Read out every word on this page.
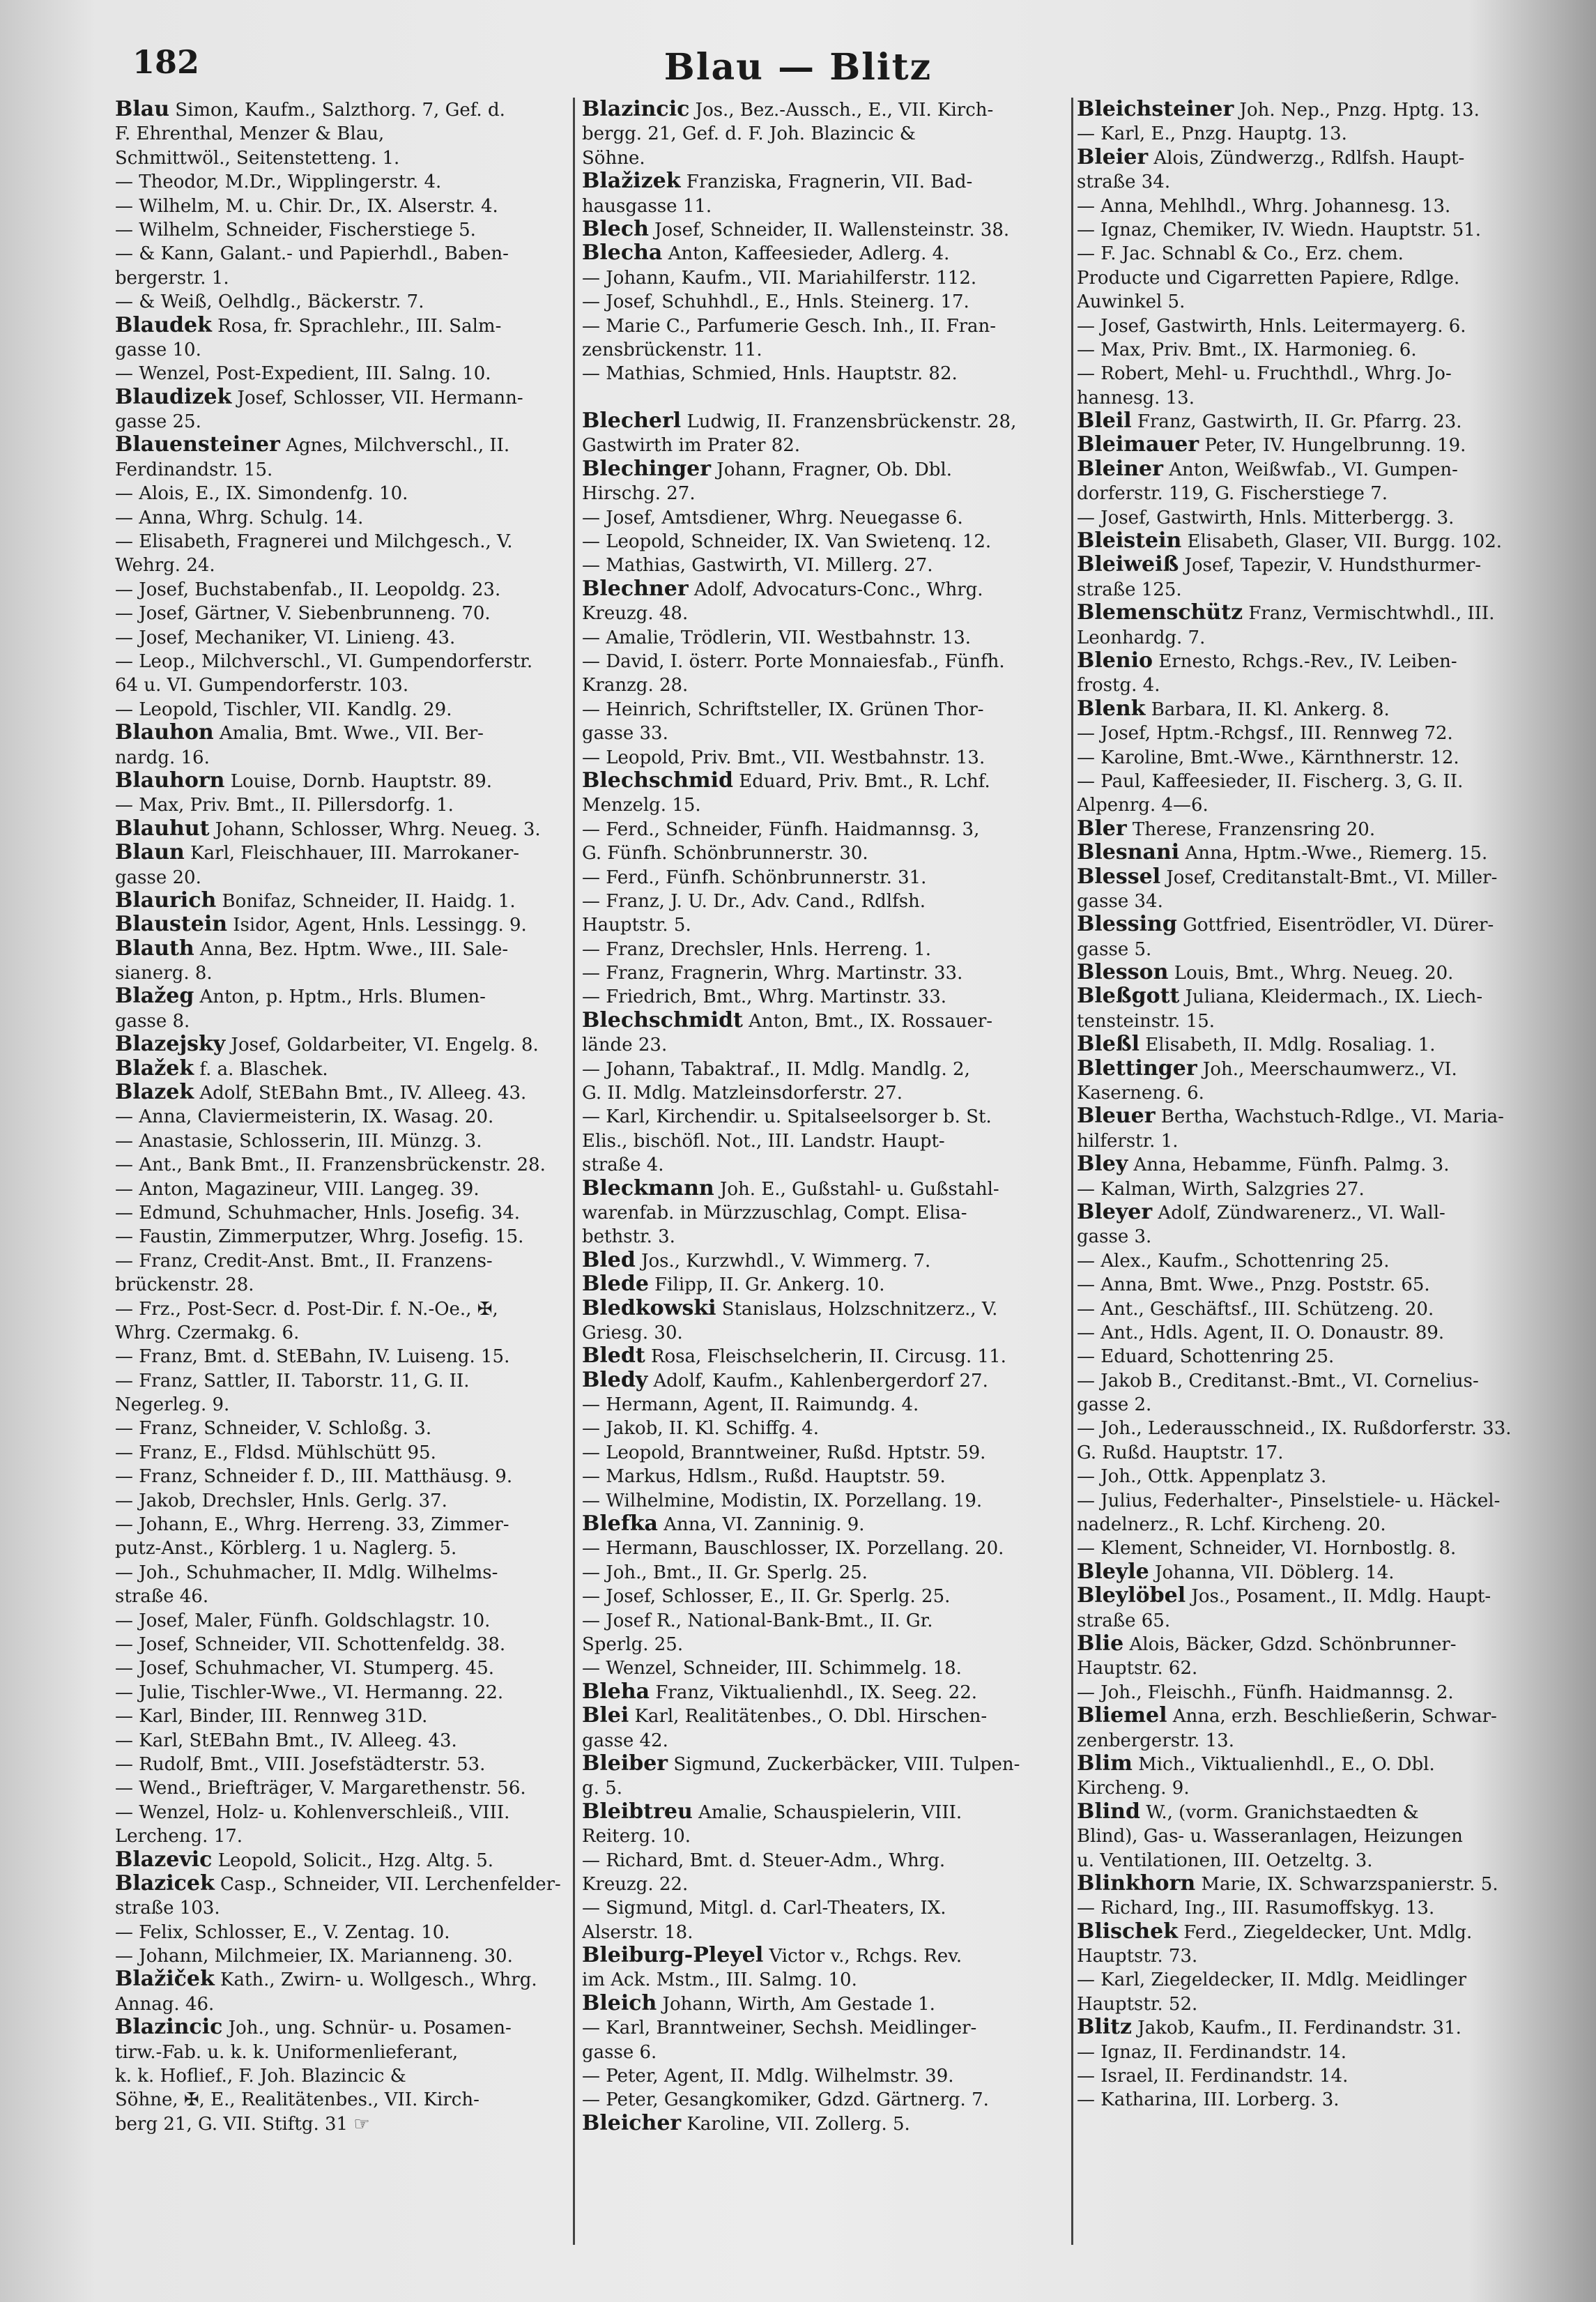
182	Blau — Blitz
Blau Simon, Kaufm., Salzthorg. 7, Gef. d.
F. Ehrenthal, Menzer & Blau,
Schmittwöl., Seitenstetteng. 1.
— Theodor, M.Dr., Wipplingerstr. 4.
— Wilhelm, M. u. Chir. Dr., IX. Alserstr. 4.
— Wilhelm, Schneider, Fischerstiege 5.
— & Kann, Galant.- und Papierhdl., Baben-
bergerstr. 1.
— & Weiß, Oelhdlg., Bäckerstr. 7.
Blaudek Rosa, fr. Sprachlehr., III. Salm-
gasse 10.
— Wenzel, Post-Expedient, III. Salng. 10.
Blaudizek Josef, Schlosser, VII. Hermann-
gasse 25.
Blauensteiner Agnes, Milchverschl., II.
Ferdinandstr. 15.
— Alois, E., IX. Simondenfg. 10.
— Anna, Whrg. Schulg. 14.
— Elisabeth, Fragnerei und Milchgesch., V.
Wehrg. 24.
— Josef, Buchstabenfab., II. Leopoldg. 23.
— Josef, Gärtner, V. Siebenbrunneng. 70.
— Josef, Mechaniker, VI. Linieng. 43.
— Leop., Milchverschl., VI. Gumpendorferstr.
64 u. VI. Gumpendorferstr. 103.
— Leopold, Tischler, VII. Kandlg. 29.
Blauhon Amalia, Bmt. Wwe., VII. Ber-
nardg. 16.
Blauhorn Louise, Dornb. Hauptstr. 89.
— Max, Priv. Bmt., II. Pillersdorfg. 1.
Blauhut Johann, Schlosser, Whrg. Neueg. 3.
Blaun Karl, Fleischhauer, III. Marrokaner-
gasse 20.
Blaurich Bonifaz, Schneider, II. Haidg. 1.
Blaustein Isidor, Agent, Hnls. Lessingg. 9.
Blauth Anna, Bez. Hptm. Wwe., III. Sale-
sianerg. 8.
Blažeg Anton, p. Hptm., Hrls. Blumen-
gasse 8.
Blazejsky Josef, Goldarbeiter, VI. Engelg. 8.
Blažek f. a. Blaschek.
Blazek Adolf, StEBahn Bmt., IV. Alleeg. 43.
— Anna, Claviermeisterin, IX. Wasag. 20.
— Anastasie, Schlosserin, III. Münzg. 3.
— Ant., Bank Bmt., II. Franzensbrückenstr. 28.
— Anton, Magazineur, VIII. Langeg. 39.
— Edmund, Schuhmacher, Hnls. Josefig. 34.
— Faustin, Zimmerputzer, Whrg. Josefig. 15.
— Franz, Credit-Anst. Bmt., II. Franzens-
brückenstr. 28.
— Frz., Post-Secr. d. Post-Dir. f. N.-Oe., ✠,
Whrg. Czermakg. 6.
— Franz, Bmt. d. StEBahn, IV. Luiseng. 15.
— Franz, Sattler, II. Taborstr. 11, G. II.
Negerleg. 9.
— Franz, Schneider, V. Schloßg. 3.
— Franz, E., Fldsd. Mühlschütt 95.
— Franz, Schneider f. D., III. Matthäusg. 9.
— Jakob, Drechsler, Hnls. Gerlg. 37.
— Johann, E., Whrg. Herreng. 33, Zimmer-
putz-Anst., Körblerg. 1 u. Naglerg. 5.
— Joh., Schuhmacher, II. Mdlg. Wilhelms-
straße 46.
— Josef, Maler, Fünfh. Goldschlagstr. 10.
— Josef, Schneider, VII. Schottenfeldg. 38.
— Josef, Schuhmacher, VI. Stumperg. 45.
— Julie, Tischler-Wwe., VI. Hermanng. 22.
— Karl, Binder, III. Rennweg 31D.
— Karl, StEBahn Bmt., IV. Alleeg. 43.
— Rudolf, Bmt., VIII. Josefstädterstr. 53.
— Wend., Briefträger, V. Margarethenstr. 56.
— Wenzel, Holz- u. Kohlenverschleiß., VIII.
Lercheng. 17.
Blazevic Leopold, Solicit., Hzg. Altg. 5.
Blazicek Casp., Schneider, VII. Lerchenfelder-
straße 103.
— Felix, Schlosser, E., V. Zentag. 10.
— Johann, Milchmeier, IX. Marianneng. 30.
Blažiček Kath., Zwirn- u. Wollgesch., Whrg.
Annag. 46.
Blazincic Joh., ung. Schnür- u. Posamen-
tirw.-Fab. u. k. k. Uniformenlieferant,
k. k. Hoflief., F. Joh. Blazincic &
Söhne, ✠, E., Realitätenbes., VII. Kirch-
berg 21, G. VII. Stiftg. 31 ☞
Blazincic Jos., Bez.-Aussch., E., VII. Kirch-
bergg. 21, Gef. d. F. Joh. Blazincic &
Söhne.
Blažizek Franziska, Fragnerin, VII. Bad-
hausgasse 11.
Blech Josef, Schneider, II. Wallensteinstr. 38.
Blecha Anton, Kaffeesieder, Adlerg. 4.
— Johann, Kaufm., VII. Mariahilferstr. 112.
— Josef, Schuhhdl., E., Hnls. Steinerg. 17.
— Marie C., Parfumerie Gesch. Inh., II. Fran-
zensbrückenstr. 11.
— Mathias, Schmied, Hnls. Hauptstr. 82.
Blecherl Ludwig, II. Franzensbrückenstr. 28,
Gastwirth im Prater 82.
Blechinger Johann, Fragner, Ob. Dbl.
Hirschg. 27.
— Josef, Amtsdiener, Whrg. Neuegasse 6.
— Leopold, Schneider, IX. Van Swietenq. 12.
— Mathias, Gastwirth, VI. Millerg. 27.
Blechner Adolf, Advocaturs-Conc., Whrg.
Kreuzg. 48.
— Amalie, Trödlerin, VII. Westbahnstr. 13.
— David, I. österr. Porte Monnaiesfab., Fünfh.
Kranzg. 28.
— Heinrich, Schriftsteller, IX. Grünen Thor-
gasse 33.
— Leopold, Priv. Bmt., VII. Westbahnstr. 13.
Blechschmid Eduard, Priv. Bmt., R. Lchf.
Menzelg. 15.
— Ferd., Schneider, Fünfh. Haidmannsg. 3,
G. Fünfh. Schönbrunnerstr. 30.
— Ferd., Fünfh. Schönbrunnerstr. 31.
— Franz, J. U. Dr., Adv. Cand., Rdlfsh.
Hauptstr. 5.
— Franz, Drechsler, Hnls. Herreng. 1.
— Franz, Fragnerin, Whrg. Martinstr. 33.
— Friedrich, Bmt., Whrg. Martinstr. 33.
Blechschmidt Anton, Bmt., IX. Rossauer-
lände 23.
— Johann, Tabaktraf., II. Mdlg. Mandlg. 2,
G. II. Mdlg. Matzleinsdorferstr. 27.
— Karl, Kirchendir. u. Spitalseelsorger b. St.
Elis., bischöfl. Not., III. Landstr. Haupt-
straße 4.
Bleckmann Joh. E., Gußstahl- u. Gußstahl-
warenfab. in Mürzzuschlag, Compt. Elisa-
bethstr. 3.
Bled Jos., Kurzwhdl., V. Wimmerg. 7.
Blede Filipp, II. Gr. Ankerg. 10.
Bledkowski Stanislaus, Holzschnitzerz., V.
Griesg. 30.
Bledt Rosa, Fleischselcherin, II. Circusg. 11.
Bledy Adolf, Kaufm., Kahlenbergerdorf 27.
— Hermann, Agent, II. Raimundg. 4.
— Jakob, II. Kl. Schiffg. 4.
— Leopold, Branntweiner, Rußd. Hptstr. 59.
— Markus, Hdlsm., Rußd. Hauptstr. 59.
— Wilhelmine, Modistin, IX. Porzellang. 19.
Blefka Anna, VI. Zanninig. 9.
— Hermann, Bauschlosser, IX. Porzellang. 20.
— Joh., Bmt., II. Gr. Sperlg. 25.
— Josef, Schlosser, E., II. Gr. Sperlg. 25.
— Josef R., National-Bank-Bmt., II. Gr.
Sperlg. 25.
— Wenzel, Schneider, III. Schimmelg. 18.
Bleha Franz, Viktualienhdl., IX. Seeg. 22.
Blei Karl, Realitätenbes., O. Dbl. Hirschen-
gasse 42.
Bleiber Sigmund, Zuckerbäcker, VIII. Tulpen-
g. 5.
Bleibtreu Amalie, Schauspielerin, VIII.
Reiterg. 10.
— Richard, Bmt. d. Steuer-Adm., Whrg.
Kreuzg. 22.
— Sigmund, Mitgl. d. Carl-Theaters, IX.
Alserstr. 18.
Bleiburg-Pleyel Victor v., Rchgs. Rev.
im Ack. Mstm., III. Salmg. 10.
Bleich Johann, Wirth, Am Gestade 1.
— Karl, Branntweiner, Sechsh. Meidlinger-
gasse 6.
— Peter, Agent, II. Mdlg. Wilhelmstr. 39.
— Peter, Gesangkomiker, Gdzd. Gärtnerg. 7.
Bleicher Karoline, VII. Zollerg. 5.
Bleichsteiner Joh. Nep., Pnzg. Hptg. 13.
— Karl, E., Pnzg. Hauptg. 13.
Bleier Alois, Zündwerzg., Rdlfsh. Haupt-
straße 34.
— Anna, Mehlhdl., Whrg. Johannesg. 13.
— Ignaz, Chemiker, IV. Wiedn. Hauptstr. 51.
— F. Jac. Schnabl & Co., Erz. chem.
Producte und Cigarretten Papiere, Rdlge.
Auwinkel 5.
— Josef, Gastwirth, Hnls. Leitermayerg. 6.
— Max, Priv. Bmt., IX. Harmonieg. 6.
— Robert, Mehl- u. Fruchthdl., Whrg. Jo-
hannesg. 13.
Bleil Franz, Gastwirth, II. Gr. Pfarrg. 23.
Bleimauer Peter, IV. Hungelbrunng. 19.
Bleiner Anton, Weißwfab., VI. Gumpen-
dorferstr. 119, G. Fischerstiege 7.
— Josef, Gastwirth, Hnls. Mitterbergg. 3.
Bleistein Elisabeth, Glaser, VII. Burgg. 102.
Bleiweiß Josef, Tapezir, V. Hundsthurmer-
straße 125.
Blemenschütz Franz, Vermischtwhdl., III.
Leonhardg. 7.
Blenio Ernesto, Rchgs.-Rev., IV. Leiben-
frostg. 4.
Blenk Barbara, II. Kl. Ankerg. 8.
— Josef, Hptm.-Rchgsf., III. Rennweg 72.
— Karoline, Bmt.-Wwe., Kärnthnerstr. 12.
— Paul, Kaffeesieder, II. Fischerg. 3, G. II.
Alpenrg. 4—6.
Bler Therese, Franzensring 20.
Blesnani Anna, Hptm.-Wwe., Riemerg. 15.
Blessel Josef, Creditanstalt-Bmt., VI. Miller-
gasse 34.
Blessing Gottfried, Eisentrödler, VI. Dürer-
gasse 5.
Blesson Louis, Bmt., Whrg. Neueg. 20.
Bleßgott Juliana, Kleidermach., IX. Liech-
tensteinstr. 15.
Bleßl Elisabeth, II. Mdlg. Rosaliag. 1.
Blettinger Joh., Meerschaumwerz., VI.
Kaserneng. 6.
Bleuer Bertha, Wachstuch-Rdlge., VI. Maria-
hilferstr. 1.
Bley Anna, Hebamme, Fünfh. Palmg. 3.
— Kalman, Wirth, Salzgries 27.
Bleyer Adolf, Zündwarenerz., VI. Wall-
gasse 3.
— Alex., Kaufm., Schottenring 25.
— Anna, Bmt. Wwe., Pnzg. Poststr. 65.
— Ant., Geschäftsf., III. Schützeng. 20.
— Ant., Hdls. Agent, II. O. Donaustr. 89.
— Eduard, Schottenring 25.
— Jakob B., Creditanst.-Bmt., VI. Cornelius-
gasse 2.
— Joh., Lederausschneid., IX. Rußdorferstr. 33.
G. Rußd. Hauptstr. 17.
— Joh., Ottk. Appenplatz 3.
— Julius, Federhalter-, Pinselstiele- u. Häckel-
nadelnerz., R. Lchf. Kircheng. 20.
— Klement, Schneider, VI. Hornbostlg. 8.
Bleyle Johanna, VII. Döblerg. 14.
Bleylöbel Jos., Posament., II. Mdlg. Haupt-
straße 65.
Blie Alois, Bäcker, Gdzd. Schönbrunner-
Hauptstr. 62.
— Joh., Fleischh., Fünfh. Haidmannsg. 2.
Bliemel Anna, erzh. Beschließerin, Schwar-
zenbergerstr. 13.
Blim Mich., Viktualienhdl., E., O. Dbl.
Kircheng. 9.
Blind W., (vorm. Granichstaedten &
Blind), Gas- u. Wasseranlagen, Heizungen
u. Ventilationen, III. Oetzeltg. 3.
Blinkhorn Marie, IX. Schwarzspanierstr. 5.
— Richard, Ing., III. Rasumoffskyg. 13.
Blischek Ferd., Ziegeldecker, Unt. Mdlg.
Hauptstr. 73.
— Karl, Ziegeldecker, II. Mdlg. Meidlinger
Hauptstr. 52.
Blitz Jakob, Kaufm., II. Ferdinandstr. 31.
— Ignaz, II. Ferdinandstr. 14.
— Israel, II. Ferdinandstr. 14.
— Katharina, III. Lorberg. 3.
